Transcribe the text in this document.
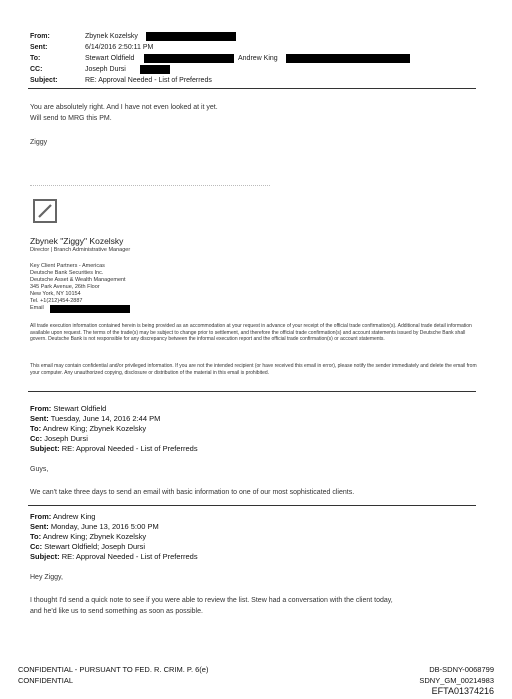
From:	Zbynek Kozelsky
Sent:	6/14/2016 2:50:11 PM
To:	Stewart Oldfield	Andrew King
CC:	Joseph Dursi
Subject:	RE: Approval Needed - List of Preferreds
You are absolutely right. And I have not even looked at it yet.
Will send to MRG this PM.
Ziggy
Zbynek "Ziggy" Kozelsky
Director | Branch Administrative Manager
Key Client Partners - Americas
Deutsche Bank Securities Inc.
Deutsche Asset & Wealth Management
345 Park Avenue, 26th Floor
New York, NY 10154
Tel. +1(212)454-2887
Email
All trade execution information contained herein is being provided as an accommodation at your request in advance of your receipt of the official trade confirmation(s). Additional trade detail information available upon request. The terms of the trade(s) may be subject to change prior to settlement, and therefore the official trade confirmation(s) and account statements issued by Deutsche Bank shall govern. Deutsche Bank is not responsible for any discrepancy between the informal execution report and the official trade confirmation(s) or account statements.
This email may contain confidential and/or privileged information. If you are not the intended recipient (or have received this email in error), please notify the sender immediately and delete the email from your computer. Any unauthorized copying, disclosure or distribution of the material in this email is prohibited.
From: Stewart Oldfield
Sent: Tuesday, June 14, 2016 2:44 PM
To: Andrew King; Zbynek Kozelsky
Cc: Joseph Dursi
Subject: RE: Approval Needed - List of Preferreds
Guys,
We can't take three days to send an email with basic information to one of our most sophisticated clients.
From: Andrew King
Sent: Monday, June 13, 2016 5:00 PM
To: Andrew King; Zbynek Kozelsky
Cc: Stewart Oldfield; Joseph Dursi
Subject: RE: Approval Needed - List of Preferreds
Hey Ziggy,
I thought I'd send a quick note to see if you were able to review the list. Stew had a conversation with the client today,
and he'd like us to send something as soon as possible.
CONFIDENTIAL - PURSUANT TO FED. R. CRIM. P. 6(e)
CONFIDENTIAL
DB-SDNY-0068799
SDNY_GM_00214983
EFTA01374216
